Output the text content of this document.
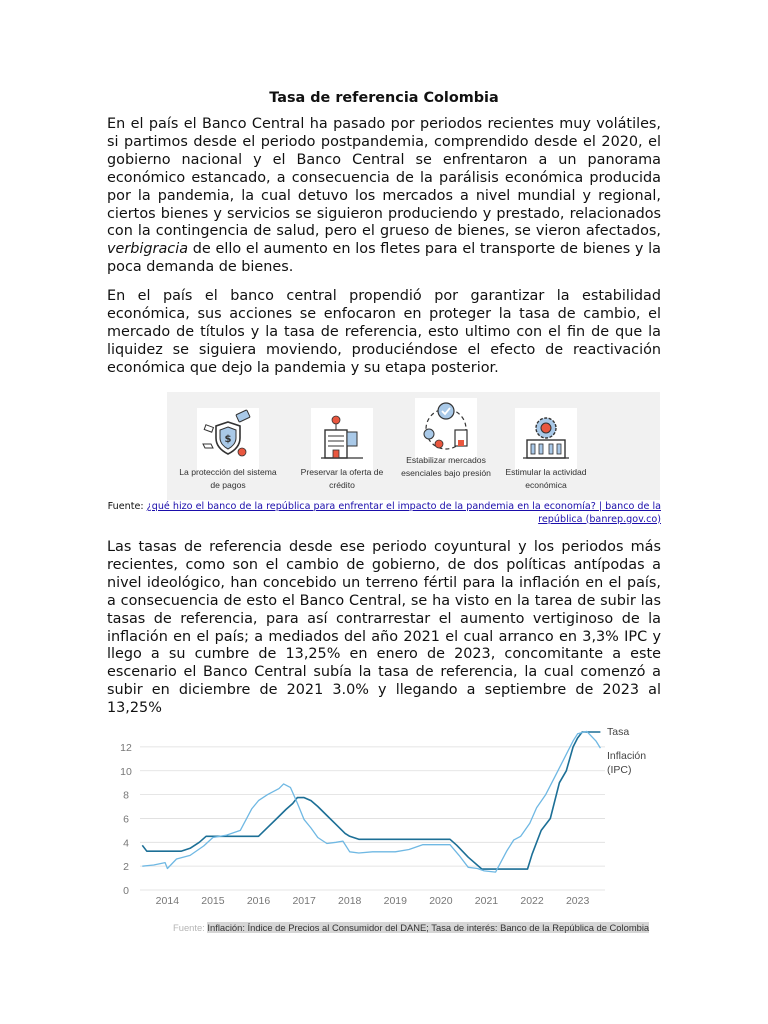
Tasa de referencia Colombia

En el país el Banco Central ha pasado por periodos recientes muy volátiles, si partimos desde el periodo postpandemia, comprendido desde el 2020, el gobierno nacional y el Banco Central se enfrentaron a un panorama económico estancado, a consecuencia de la parálisis económica producida por la pandemia, la cual detuvo los mercados a nivel mundial y regional, ciertos bienes y servicios se siguieron produciendo y prestado, relacionados con la contingencia de salud, pero el grueso de bienes, se vieron afectados, verbigracia de ello el aumento en los fletes para el transporte de bienes y la poca demanda de bienes.

En el país el banco central propendió por garantizar la estabilidad económica, sus acciones se enfocaron en proteger la tasa de cambio, el mercado de títulos y la tasa de referencia, esto ultimo con el fin de que la liquidez se siguiera moviendo, produciéndose el efecto de reactivación económica que dejo la pandemia y su etapa posterior.

$
La protección del sistema de pagos
Preservar la oferta de crédito
Estabilizar mercados esenciales bajo presión	Estimular la actividad económica
Fuente: ¿qué hizo el banco de la república para enfrentar el impacto de la pandemia en la economía? | banco de la república (banrep.gov.co)

Las tasas de referencia desde ese periodo coyuntural y los periodos más recientes, como son el cambio de gobierno, de dos políticas antípodas a nivel ideológico, han concebido un terreno fértil para la inflación en el país, a consecuencia de esto el Banco Central, se ha visto en la tarea de subir las tasas de referencia, para así contrarrestar el aumento vertiginoso de la inflación en el país; a mediados del año 2021 el cual arranco en 3,3% IPC y llego a su cumbre de 13,25% en enero de 2023, concomitante a este escenario el Banco Central subía la tasa de referencia, la cual comenzó a subir en diciembre de 2021 3.0% y llegando a septiembre de 2023 al 13,25%

0
2
4
6
8
10
12
2014 2015 2016 2017 2018 2019 2020 2021 2022 2023
Tasa
Inflación
(IPC)
Fuente: Inflación: Índice de Precios al Consumidor del DANE; Tasa de interés: Banco de la República de Colombia
